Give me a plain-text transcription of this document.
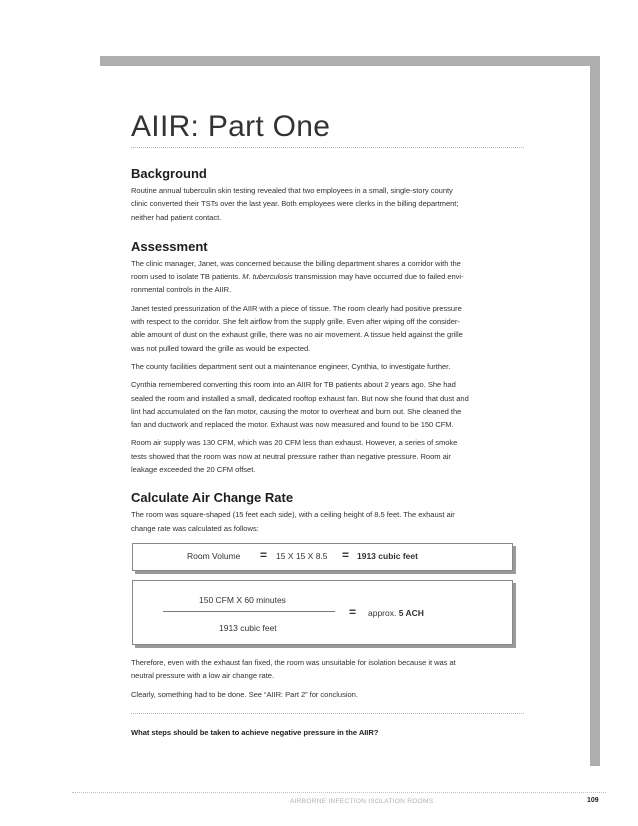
AIIR: Part One
Background

Routine annual tuberculin skin testing revealed that two employees in a small, single-story county
clinic converted their TSTs over the last year. Both employees were clerks in the billing department;
neither had patient contact.

Assessment

The clinic manager, Janet, was concerned because the billing department shares a corridor with the
room used to isolate TB patients. M. tuberculosis transmission may have occurred due to failed envi-
ronmental controls in the AIIR.

Janet tested pressurization of the AIIR with a piece of tissue. The room clearly had positive pressure
with respect to the corridor. She felt airflow from the supply grille. Even after wiping off the consider-
able amount of dust on the exhaust grille, there was no air movement. A tissue held against the grille
was not pulled toward the grille as would be expected.

The county facilities department sent out a maintenance engineer, Cynthia, to investigate further.

Cynthia remembered converting this room into an AIIR for TB patients about 2 years ago. She had
sealed the room and installed a small, dedicated rooftop exhaust fan. But now she found that dust and
lint had accumulated on the fan motor, causing the motor to overheat and burn out. She cleaned the
fan and ductwork and replaced the motor. Exhaust was now measured and found to be 150 CFM.

Room air supply was 130 CFM, which was 20 CFM less than exhaust. However, a series of smoke
tests showed that the room was now at neutral pressure rather than negative pressure. Room air
leakage exceeded the 20 CFM offset.

Calculate Air Change Rate

The room was square-shaped (15 feet each side), with a ceiling height of 8.5 feet. The exhaust air
change rate was calculated as follows:

Room Volume = 15 X 15 X 8.5 = 1913 cubic feet
150 CFM X 60 minutes
= approx. 5 ACH
1913 cubic feet

Therefore, even with the exhaust fan fixed, the room was unsuitable for isolation because it was at
neutral pressure with a low air change rate.

Clearly, something had to be done. See “AIIR: Part 2” for conclusion.

What steps should be taken to achieve negative pressure in the AIIR?

AIRBORNE INFECTION ISOLATION ROOMS	109
